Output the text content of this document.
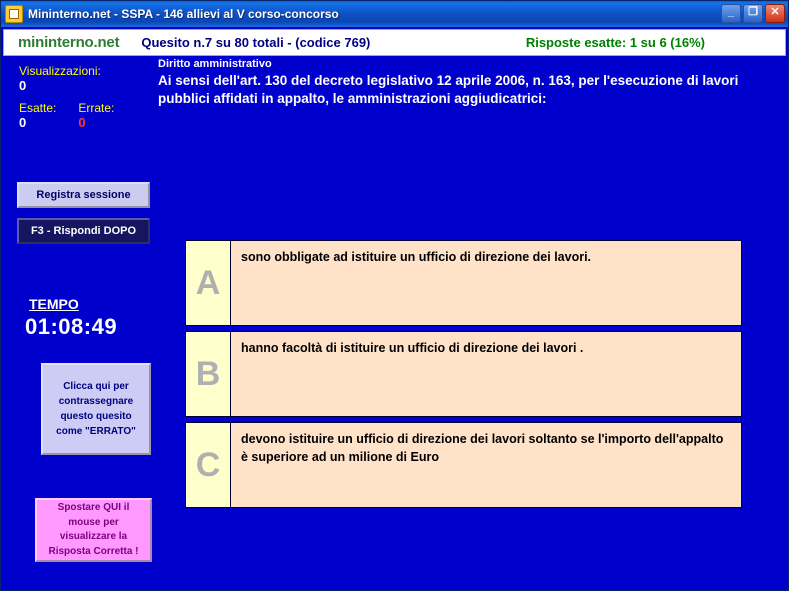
Mininterno.net - SSPA - 146 allievi al V corso-concorso	_	❐	✕
mininterno.net Quesito n.7 su 80 totali - (codice 769)	Risposte esatte: 1 su 6 (16%)
Visualizzazioni:
0
Esatte:
0
Errate:
0
Registra sessione
F3 - Rispondi DOPO
TEMPO
01:08:49
Clicca qui per contrassegnare questo quesito come "ERRATO"
Spostare QUI il mouse per visualizzare la Risposta Corretta !
Diritto amministrativo
Ai sensi dell'art. 130 del decreto legislativo 12 aprile 2006, n. 163, per l'esecuzione di lavori pubblici affidati in appalto, le amministrazioni aggiudicatrici:
A
sono obbligate ad istituire un ufficio di direzione dei lavori.
B
hanno facoltà di istituire un ufficio di direzione dei lavori .
C
devono istituire un ufficio di direzione dei lavori soltanto se l'importo dell'appalto è superiore ad un milione di Euro
